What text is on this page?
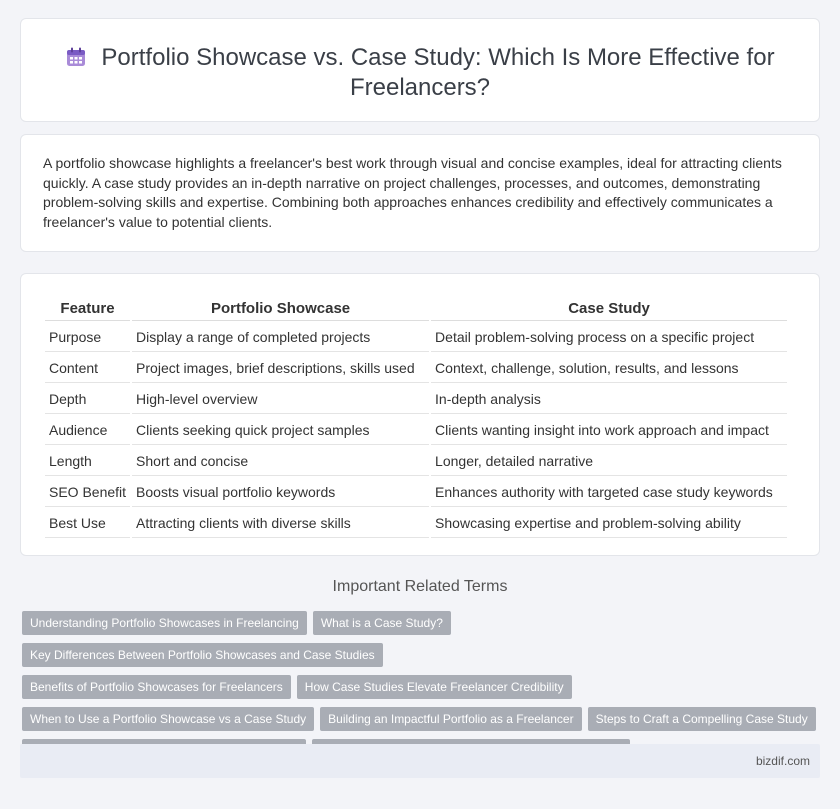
Portfolio Showcase vs. Case Study: Which Is More Effective for Freelancers?

A portfolio showcase highlights a freelancer's best work through visual and concise examples, ideal for attracting clients quickly. A case study provides an in-depth narrative on project challenges, processes, and outcomes, demonstrating problem-solving skills and expertise. Combining both approaches enhances credibility and effectively communicates a freelancer's value to potential clients.

Feature	Portfolio Showcase	Case Study
Purpose	Display a range of completed projects	Detail problem-solving process on a specific project
Content	Project images, brief descriptions, skills used	Context, challenge, solution, results, and lessons
Depth	High-level overview	In-depth analysis
Audience	Clients seeking quick project samples	Clients wanting insight into work approach and impact
Length	Short and concise	Longer, detailed narrative
SEO Benefit	Boosts visual portfolio keywords	Enhances authority with targeted case study keywords
Best Use	Attracting clients with diverse skills	Showcasing expertise and problem-solving ability
Important Related Terms
Understanding Portfolio Showcases in Freelancing What is a Case Study?Key Differences Between Portfolio Showcases and Case Studies
Benefits of Portfolio Showcases for Freelancers How Case Studies Elevate Freelancer Credibility
When to Use a Portfolio Showcase vs a Case Study Building an Impactful Portfolio as a Freelancer Steps to Craft a Compelling Case Study

bizdif.com
